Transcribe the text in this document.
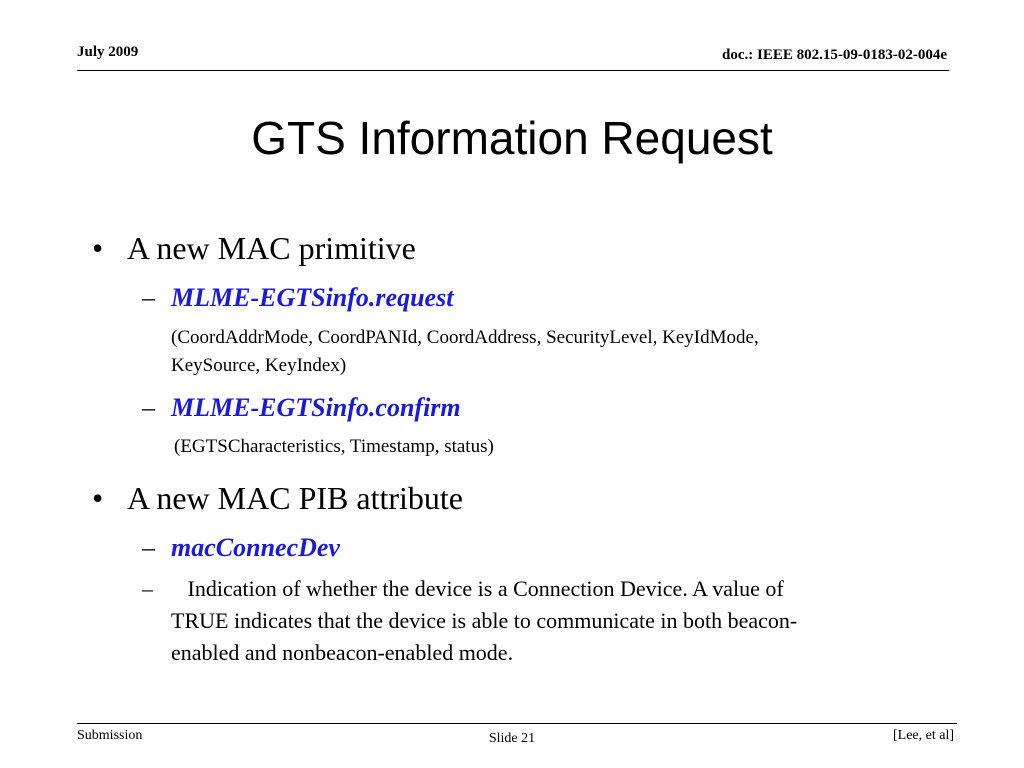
July 2009	doc.: IEEE 802.15-09-0183-02-004e
GTS Information Request
• A new MAC primitive
– MLME-EGTSinfo.request
(CoordAddrMode, CoordPANId, CoordAddress, SecurityLevel, KeyIdMode,
KeySource, KeyIndex)
– MLME-EGTSinfo.confirm
(EGTSCharacteristics, Timestamp, status)
• A new MAC PIB attribute
– macConnecDev
– Indication of whether the device is a Connection Device. A value of
TRUE indicates that the device is able to communicate in both beacon-
enabled and nonbeacon-enabled mode.
Submission	Slide 21	[Lee, et al]
